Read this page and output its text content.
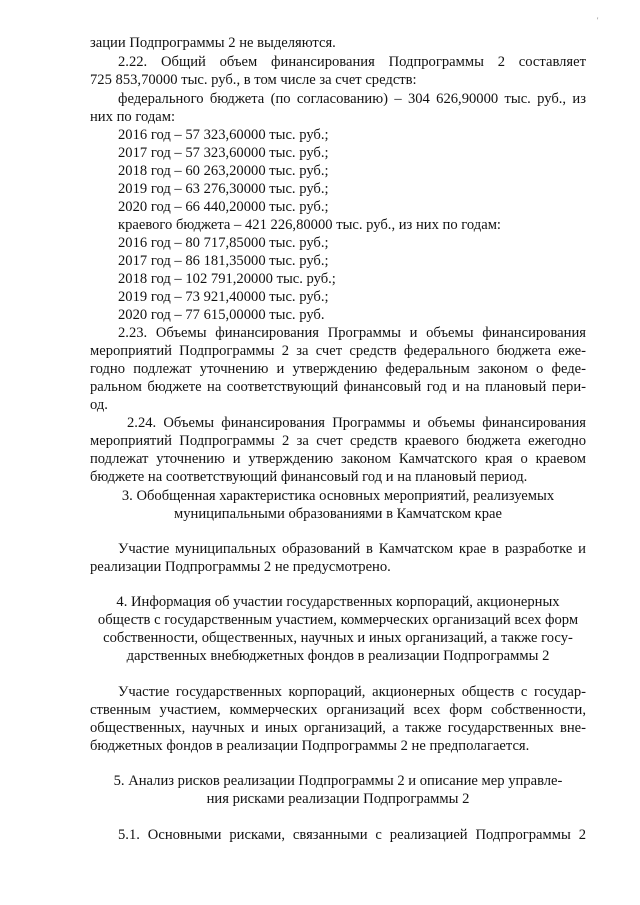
'
зации Подпрограммы 2 не выделяются.
2.22. Общий объем финансирования Подпрограммы 2 составляет
725 853,70000 тыс. руб., в том числе за счет средств:
федерального бюджета (по согласованию) – 304 626,90000 тыс. руб., из
них по годам:
2016 год – 57 323,60000 тыс. руб.;
2017 год – 57 323,60000 тыс. руб.;
2018 год – 60 263,20000 тыс. руб.;
2019 год – 63 276,30000 тыс. руб.;
2020 год – 66 440,20000 тыс. руб.;
краевого бюджета – 421 226,80000 тыс. руб., из них по годам:
2016 год – 80 717,85000 тыс. руб.;
2017 год – 86 181,35000 тыс. руб.;
2018 год – 102 791,20000 тыс. руб.;
2019 год – 73 921,40000 тыс. руб.;
2020 год – 77 615,00000 тыс. руб.
2.23. Объемы финансирования Программы и объемы финансирования
мероприятий Подпрограммы 2 за счет средств федерального бюджета еже-
годно подлежат уточнению и утверждению федеральным законом о феде-
ральном бюджете на соответствующий финансовый год и на плановый пери-
од.
2.24. Объемы финансирования Программы и объемы финансирования
мероприятий Подпрограммы 2 за счет средств краевого бюджета ежегодно
подлежат уточнению и утверждению законом Камчатского края о краевом
бюджете на соответствующий финансовый год и на плановый период.
3. Обобщенная характеристика основных мероприятий, реализуемых
муниципальными образованиями в Камчатском крае
Участие муниципальных образований в Камчатском крае в разработке и
реализации Подпрограммы 2 не предусмотрено.
4. Информация об участии государственных корпораций, акционерных
обществ с государственным участием, коммерческих организаций всех форм
собственности, общественных, научных и иных организаций, а также госу-
дарственных внебюджетных фондов в реализации Подпрограммы 2
Участие государственных корпораций, акционерных обществ с государ-
ственным участием, коммерческих организаций всех форм собственности,
общественных, научных и иных организаций, а также государственных вне-
бюджетных фондов в реализации Подпрограммы 2 не предполагается.
5. Анализ рисков реализации Подпрограммы 2 и описание мер управле-
ния рисками реализации Подпрограммы 2
5.1. Основными рисками, связанными с реализацией Подпрограммы 2
